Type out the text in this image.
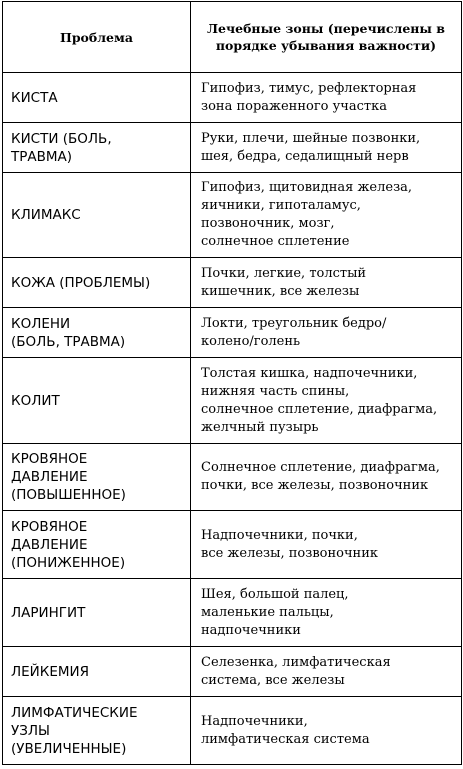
Проблема	Лечебные зоны (перечислены в порядке убывания важности)

КИСТА	Гипофиз, тимус, рефлекторная
зона пораженного участка

КИСТИ (БОЛЬ,
ТРАВМА)	Руки, плечи, шейные позвонки,
шея, бедра, седалищный нерв

КЛИМАКС	Гипофиз, щитовидная железа,
яичники, гипоталамус,
позвоночник, мозг,
солнечное сплетение

КОЖА (ПРОБЛЕМЫ)	Почки, легкие, толстый
кишечник, все железы

КОЛЕНИ
(БОЛЬ, ТРАВМА)	Локти, треугольник бедро/
колено/голень

КОЛИТ	Толстая кишка, надпочечники,
нижняя часть спины,
солнечное сплетение, диафрагма,
желчный пузырь

КРОВЯНОЕ
ДАВЛЕНИЕ
(ПОВЫШЕННОЕ)	Солнечное сплетение, диафрагма,
почки, все железы, позвоночник

КРОВЯНОЕ
ДАВЛЕНИЕ
(ПОНИЖЕННОЕ)	Надпочечники, почки,
все железы, позвоночник

ЛАРИНГИТ	Шея, большой палец,
маленькие пальцы,
надпочечники

ЛЕЙКЕМИЯ	Селезенка, лимфатическая
система, все железы

ЛИМФАТИЧЕСКИЕ
УЗЛЫ
(УВЕЛИЧЕННЫЕ)	Надпочечники,
лимфатическая система
